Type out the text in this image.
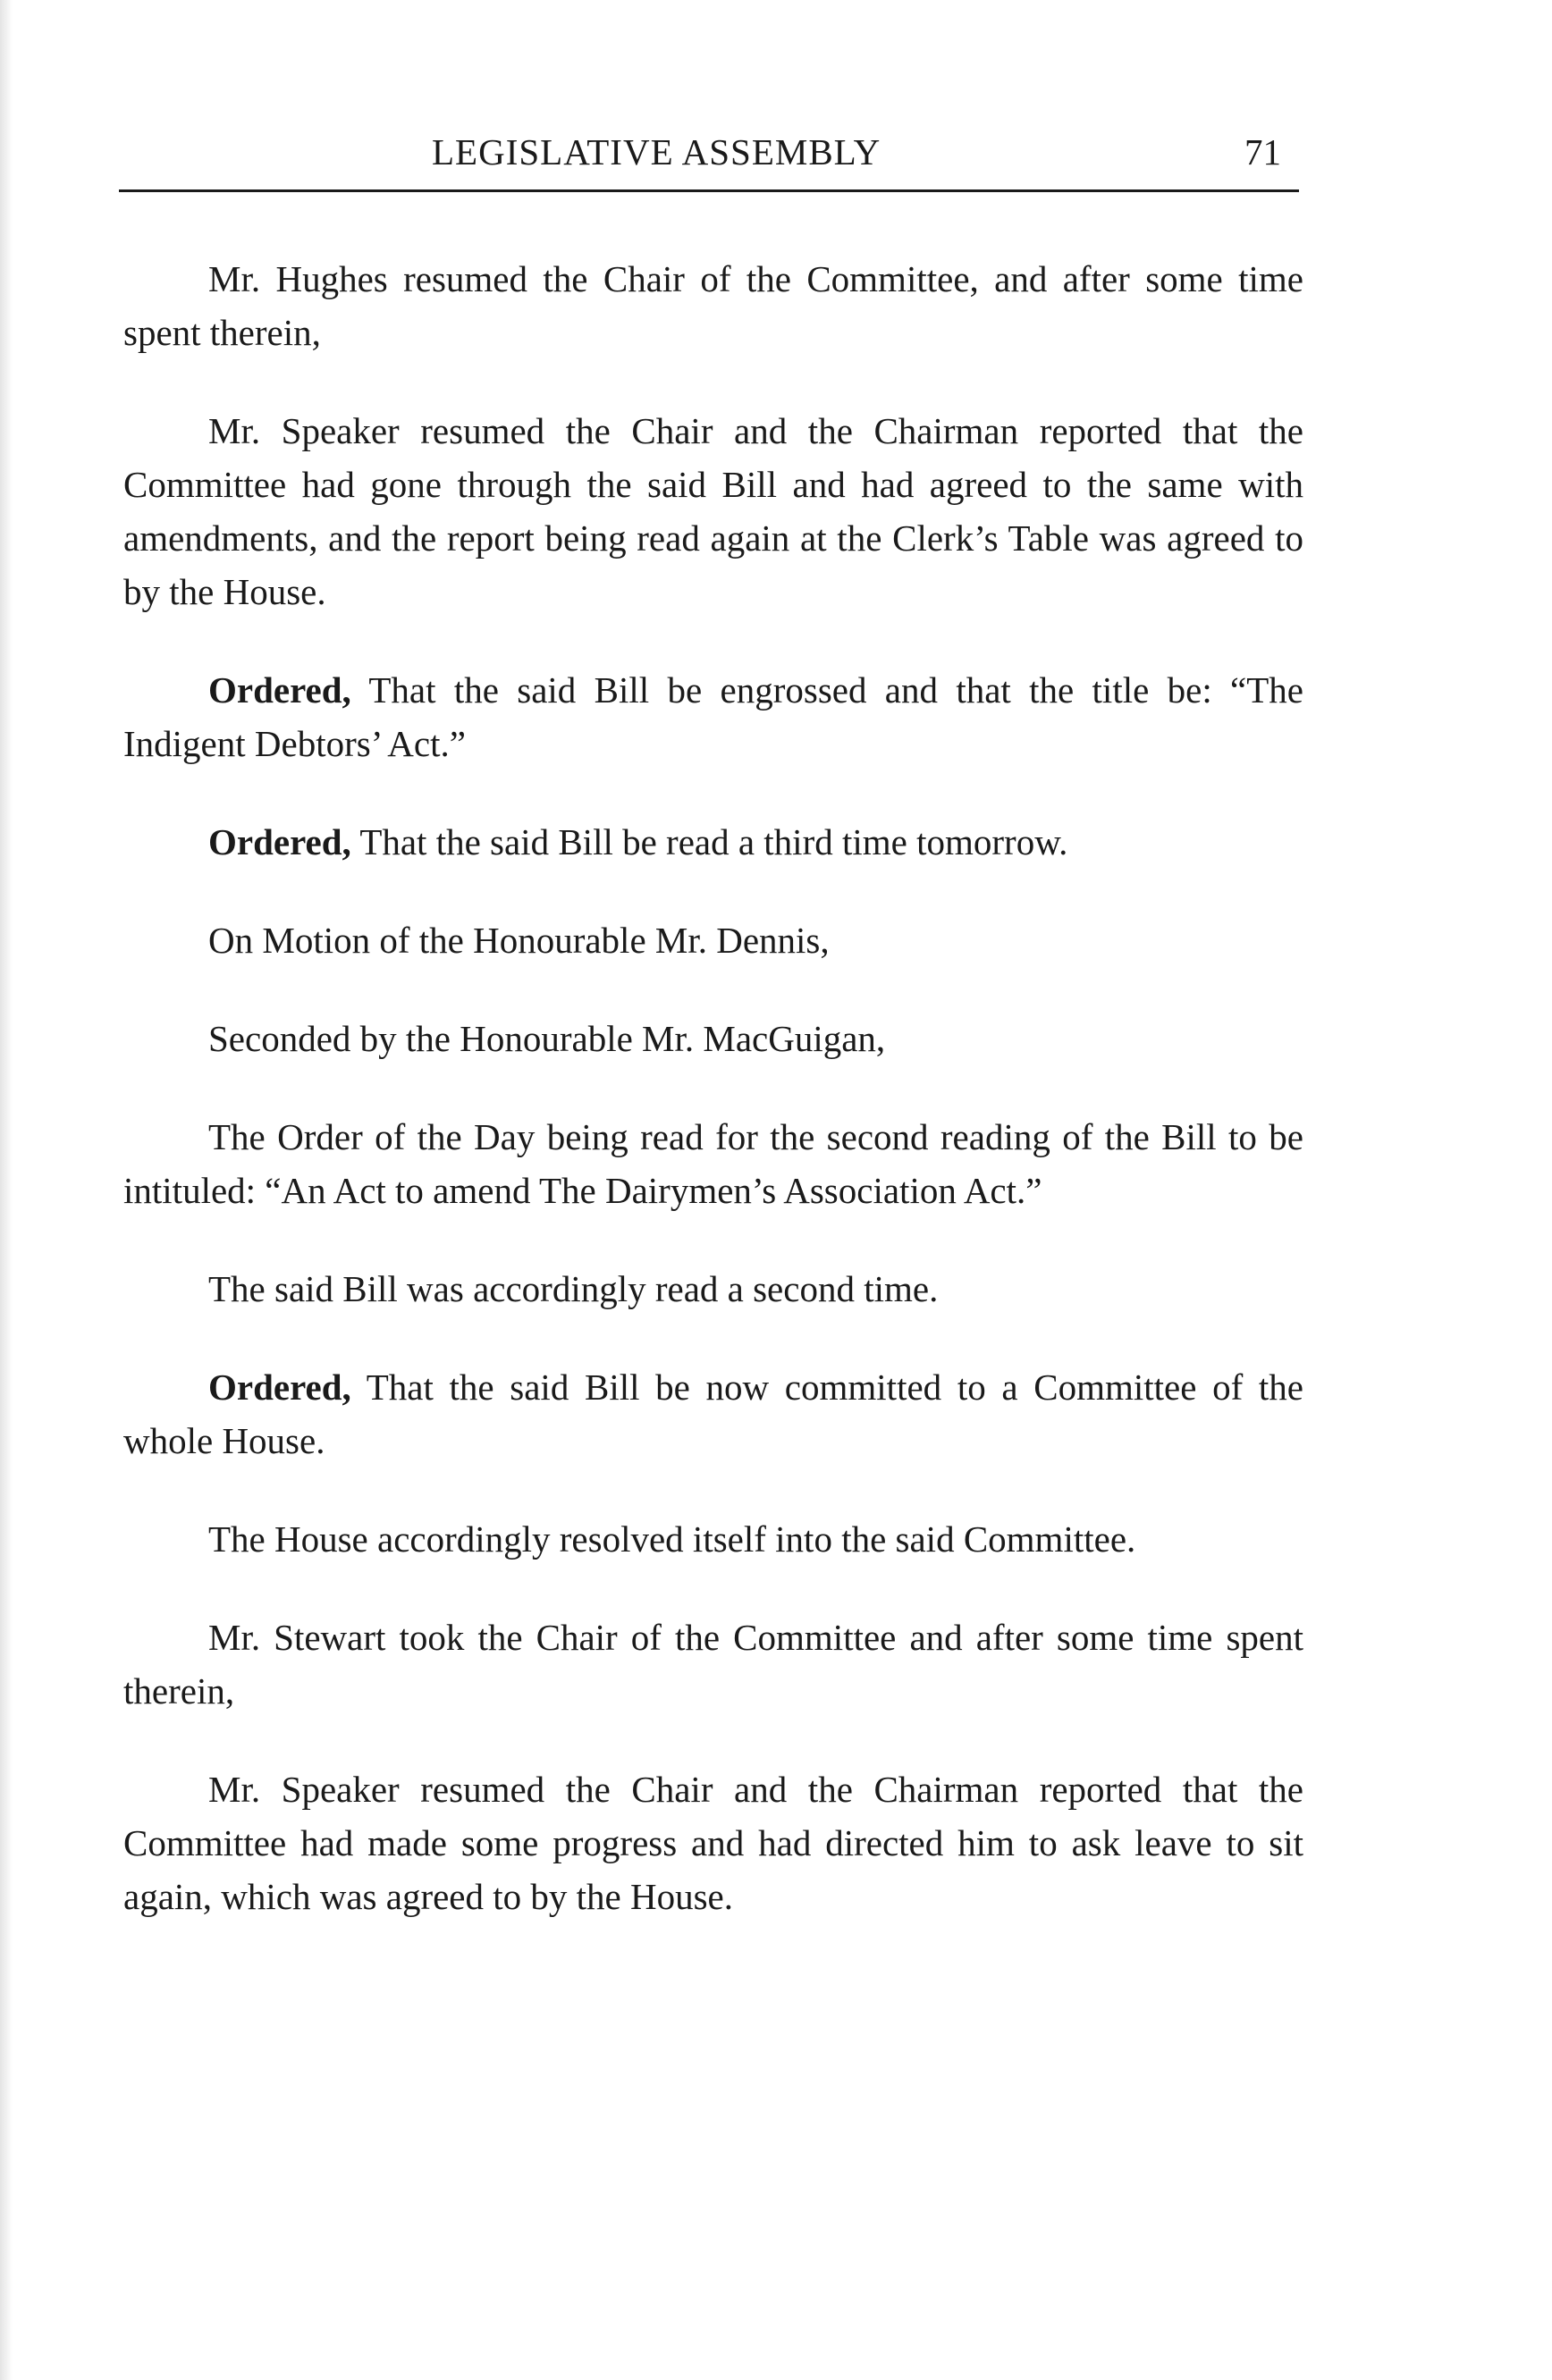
LEGISLATIVE ASSEMBLY	71

Mr. Hughes resumed the Chair of the Committee, and after some time spent therein,

Mr. Speaker resumed the Chair and the Chairman reported that the Committee had gone through the said Bill and had agreed to the same with amendments, and the report being read again at the Clerk’s Table was agreed to by the House.

Ordered, That the said Bill be engrossed and that the title be: “The Indigent Debtors’ Act.”

Ordered, That the said Bill be read a third time tomorrow.

On Motion of the Honourable Mr. Dennis,

Seconded by the Honourable Mr. MacGuigan,

The Order of the Day being read for the second reading of the Bill to be intituled: “An Act to amend The Dairymen’s Association Act.”

The said Bill was accordingly read a second time.

Ordered, That the said Bill be now committed to a Committee of the whole House.

The House accordingly resolved itself into the said Committee.

Mr. Stewart took the Chair of the Committee and after some time spent therein,

Mr. Speaker resumed the Chair and the Chairman reported that the Committee had made some progress and had directed him to ask leave to sit again, which was agreed to by the House.
